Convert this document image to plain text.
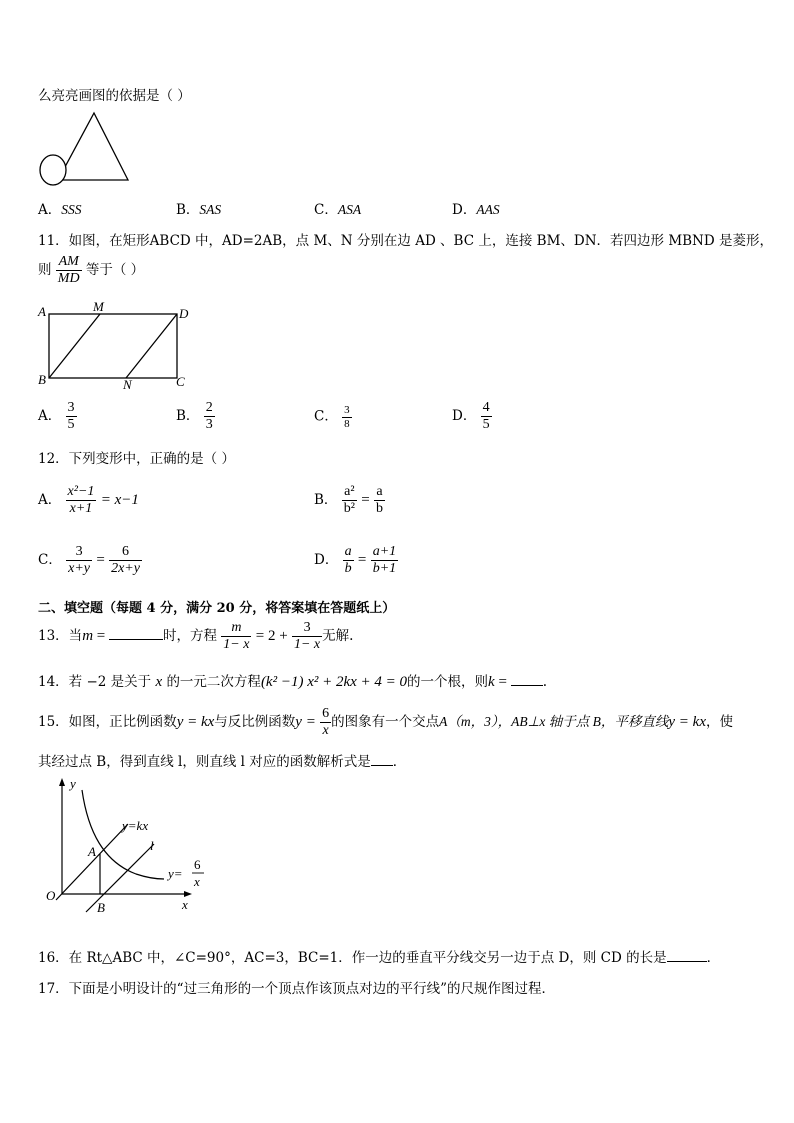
么亮亮画图的依据是（ ）
A．SSS	B．SAS	C．ASA	D．AAS
11．如图，在矩形ABCD 中，AD=2AB，点 M、N 分别在边 AD 、BC 上，连接 BM、DN．若四边形 MBND 是菱形，
则 $\frac{AM}{MD}$ 等于（ ）
A	M	D
B	N	C
A． $\frac{3}{5}$	B． $\frac{2}{3}$	C． $\frac{3}{8}$	D． $\frac{4}{5}$
12．下列变形中，正确的是（ ）
A． $\frac{\text{x²−1}}{x+1} = x-1$	B． $\frac{\text{a²}}{\text{b²}} = \frac{a}{b}$
C． $\frac{3}{x+y} = \frac{6}{2x+y}$	D． $\frac{a}{b} = \frac{a+1}{b+1}$
二、填空题（每题 4 分，满分 20 分，将答案填在答题纸上）
13．当m =	时，方程 $\frac{m}{1- x} = 2 + \frac{3}{1- x}$ 无解.
14．若 −2 是关于 x 的一元二次方程(k² −1) x² + 2kx + 4 = 0的一个根，则k = .
15．如图，正比例函数y = kx与反比例函数$y = \frac{6}{x}$ 的图象有一个交点A（m，3），AB⊥x 轴于点 B，平移直线y = kx，使
其经过点 B，得到直线 l，则直线 l 对应的函数解析式是 ．
y
x
O
A
B
l
y=kx
y=
6
x
16．在 Rt△ABC 中，∠C=90°，AC=3，BC=1．作一边的垂直平分线交另一边于点 D，则 CD 的长是	．
17．下面是小明设计的“过三角形的一个顶点作该顶点对边的平行线”的尺规作图过程．
